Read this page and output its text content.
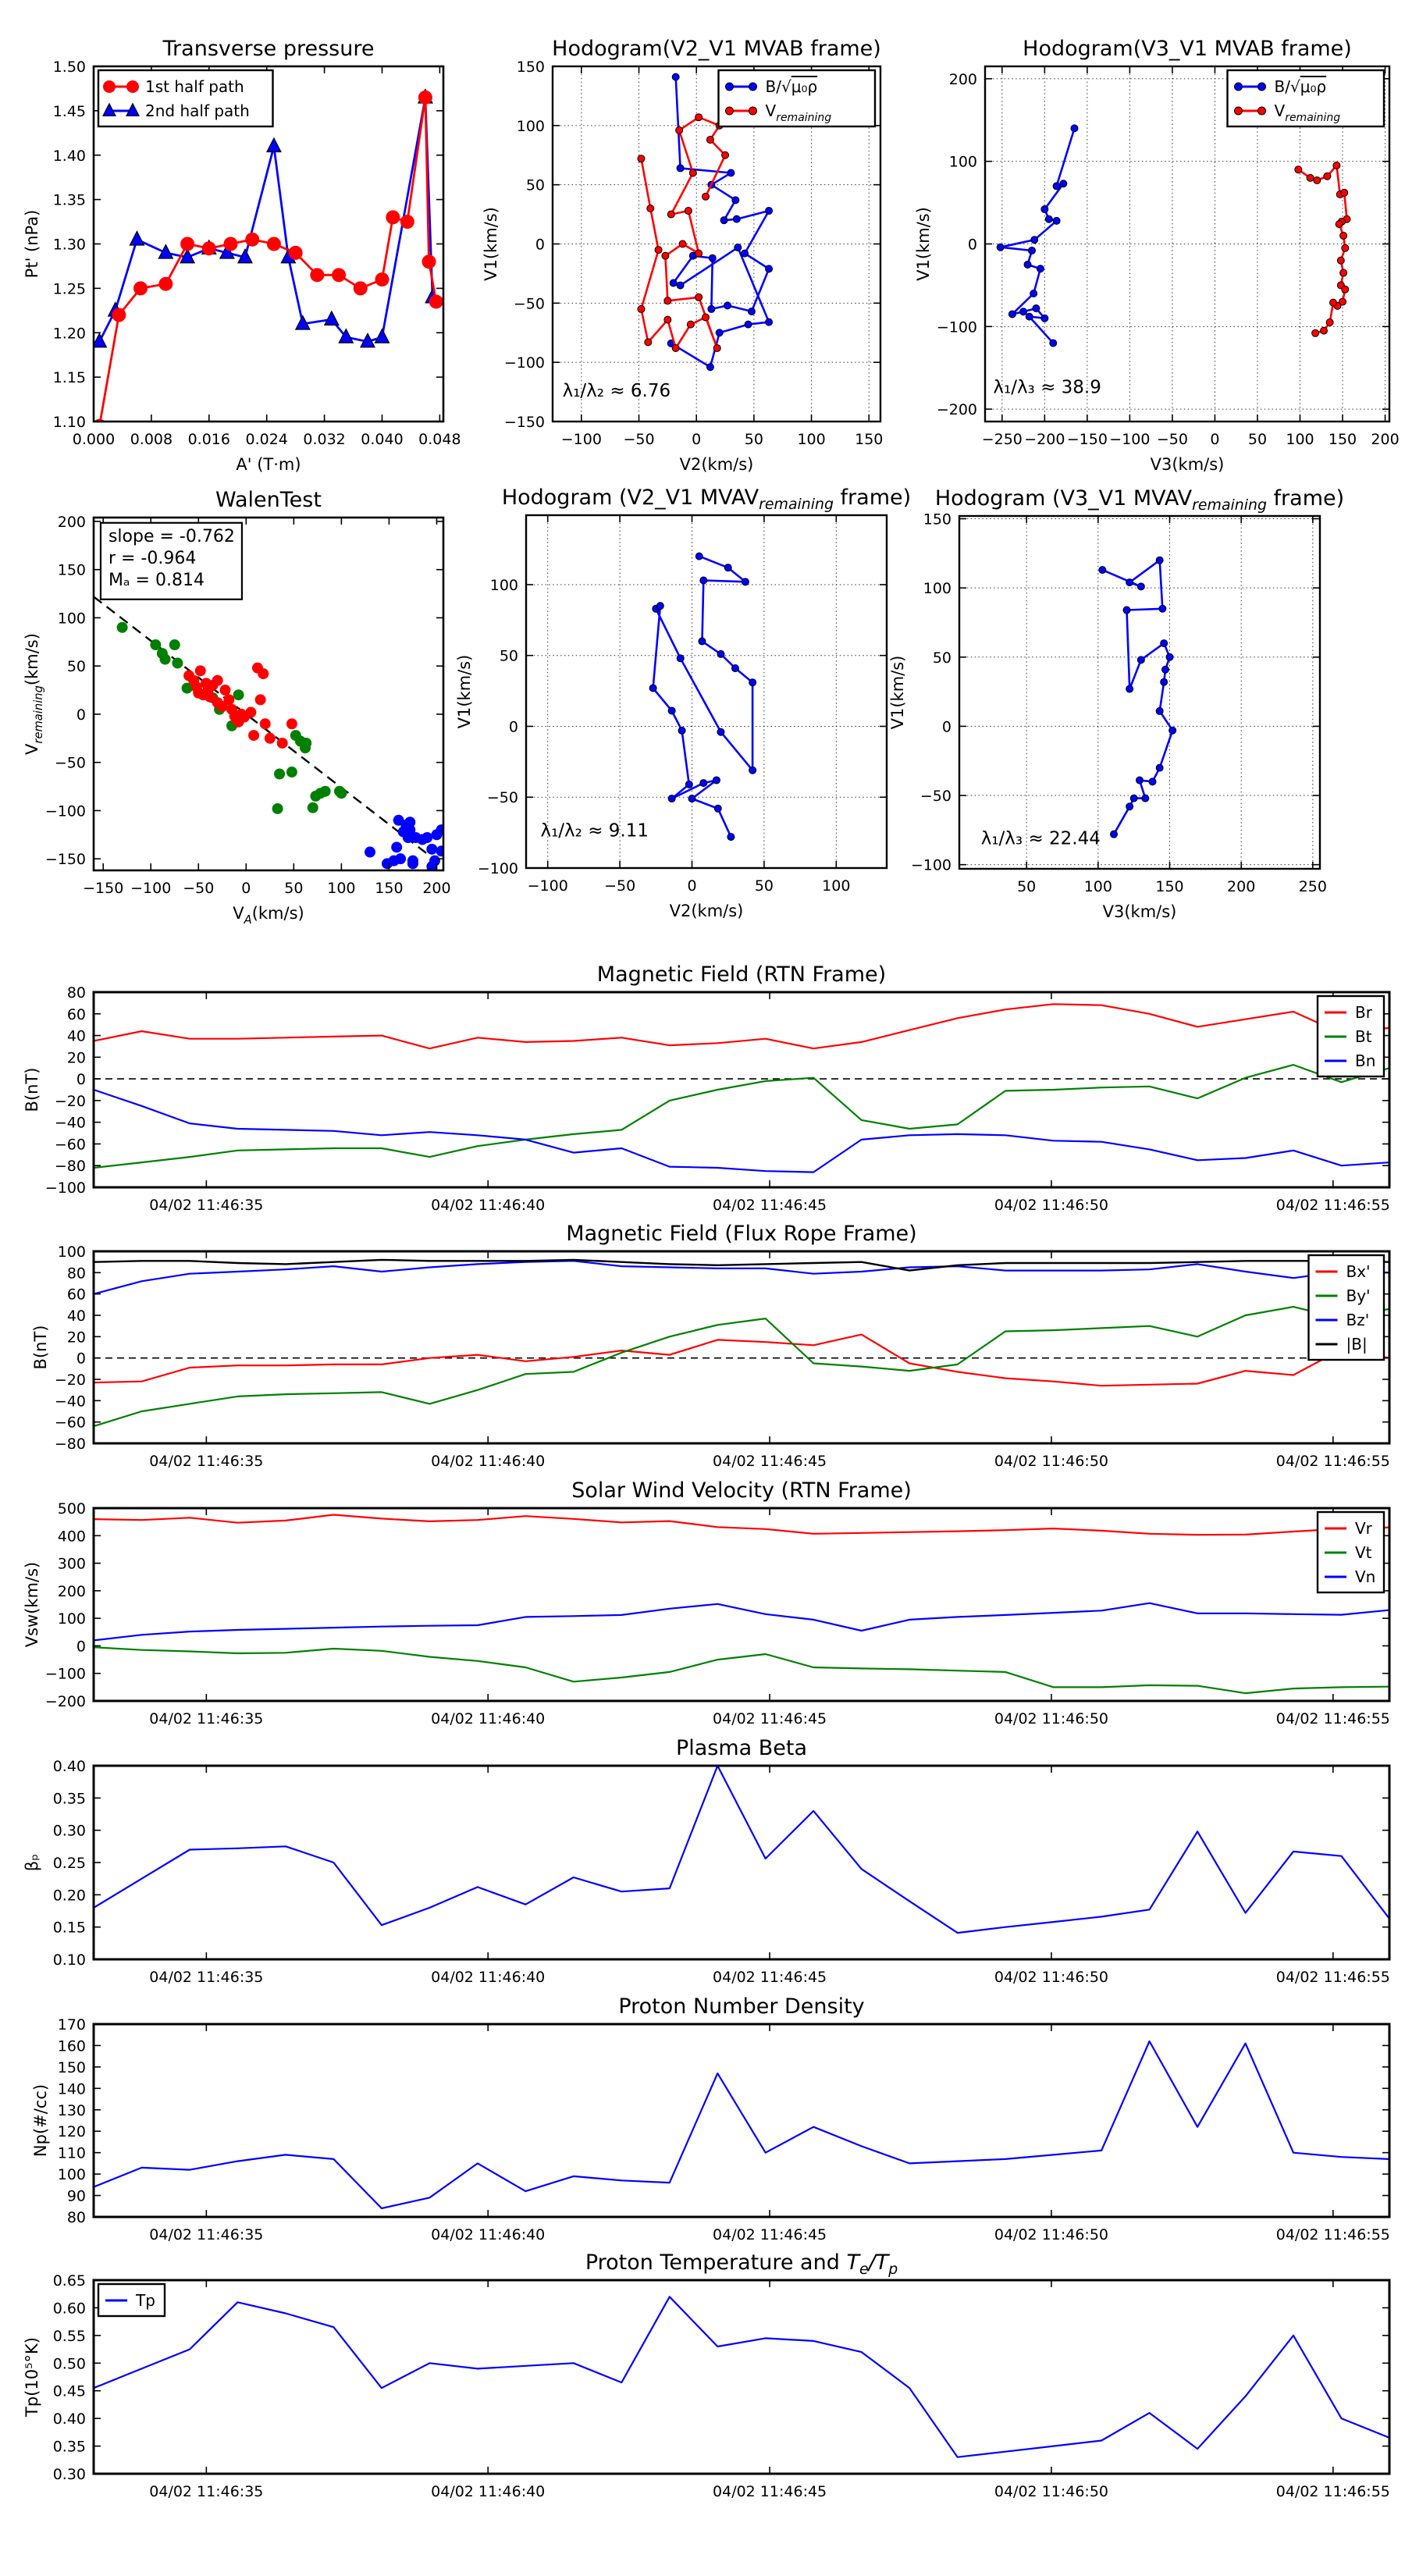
0.000 0.008 0.016 0.024 0.032 0.040 0.048
1.10
1.15
1.20
1.25
1.30
1.35
1.40
1.45
1.50
Transverse pressure
A' (T·m)
Pt' (nPa)
1st half path
2nd half path
−100 −50	0	50 100 150
−150
−100
−50
0
50
100
150
Hodogram(V2_V1 MVAB frame)
V2(km/s)
V1(km/s)
B/√μ₀ρ
$V_{remaining}$
λ₁/λ₂ ≈ 6.76
−250 −200 −150 −100 −50 0 50 100 150 200
−200
−100
0
100
200
Hodogram(V3_V1 MVAB frame)
V3(km/s)
V1(km/s)
B/√μ₀ρ
$V_{remaining}$
λ₁/λ₃ ≈ 38.9
−150 −100 −50 0 50 100 150 200
−150
−100
−50
0
50
100
150
200
WalenTest
$V_A(km/s)$
$V_{remaining}(km/s)$
slope = -0.762
r = -0.964
Mₐ = 0.814
−100 −50	0	50	100
−100
−50
0
50
100
Hodogram (V2_V1 $MVAV_{remaining}$ frame)
V2(km/s)
V1(km/s)
λ₁/λ₂ ≈ 9.11
50	100	150	200	250
−100
−50
0
50
100
150
Hodogram (V3_V1 $MVAV_{remaining}$ frame)
V3(km/s)
V1(km/s)
λ₁/λ₃ ≈ 22.44
04/02 11:46:35	04/02 11:46:40	04/02 11:46:45	04/02 11:46:50	04/02 11:46:55
−100
−80
−60
−40
−20
0
20
40
60
80
Magnetic Field (RTN Frame)
B(nT)
Br
Bt
Bn
04/02 11:46:35	04/02 11:46:40	04/02 11:46:45	04/02 11:46:50	04/02 11:46:55
−80
−60
−40
−20
0
20
40
60
80
100
Magnetic Field (Flux Rope Frame)
B(nT)
Bx'
By'
Bz'
|B|
04/02 11:46:35	04/02 11:46:40	04/02 11:46:45	04/02 11:46:50	04/02 11:46:55
−200
−100
0
100
200
300
400
500
Solar Wind Velocity (RTN Frame)
Vsw(km/s)
Vr
Vt
Vn
04/02 11:46:35	04/02 11:46:40	04/02 11:46:45	04/02 11:46:50	04/02 11:46:55
0.10
0.15
0.20
0.25
0.30
0.35
0.40
Plasma Beta
βₚ
04/02 11:46:35	04/02 11:46:40	04/02 11:46:45	04/02 11:46:50	04/02 11:46:55
80
90
100
110
120
130
140
150
160
170
Proton Number Density
Np(#/cc)
04/02 11:46:35	04/02 11:46:40	04/02 11:46:45	04/02 11:46:50	04/02 11:46:55
0.30
0.35
0.40
0.45
0.50
0.55
0.60
0.65
Proton Temperature and $T_e/T_p$
Tp(10⁵°K)
Tp
